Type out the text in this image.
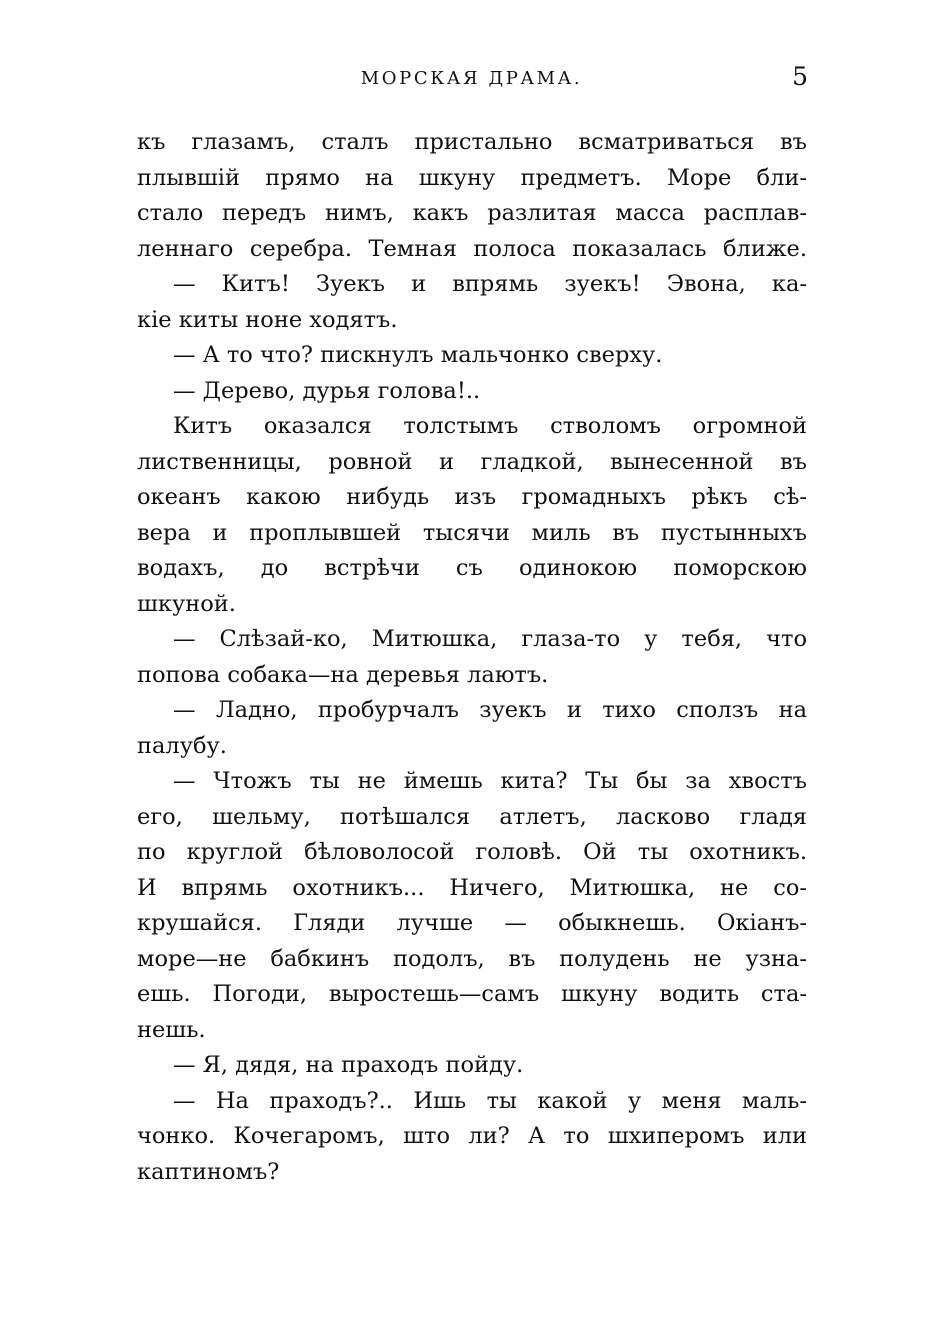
МОРСКАЯ ДРАМА.	5
къ глазамъ, сталъ пристально всматриваться въ
плывшій прямо на шкуну предметъ. Море бли-
стало передъ нимъ, какъ разлитая масса расплав-
леннаго серебра. Темная полоса показалась ближе.
— Китъ! Зуекъ и впрямь зуекъ! Эвона, ка-
кіе киты ноне ходятъ.
— А то что? пискнулъ мальчонко сверху.
— Дерево, дурья голова!..
Китъ оказался толстымъ стволомъ огромной
лиственницы, ровной и гладкой, вынесенной въ
океанъ какою нибудь изъ громадныхъ рѣкъ сѣ-
вера и проплывшей тысячи миль въ пустынныхъ
водахъ, до встрѣчи съ одинокою поморскою
шкуной.
— Слѣзай-ко, Митюшка, глаза-то у тебя, что
попова собака—на деревья лаютъ.
— Ладно, пробурчалъ зуекъ и тихо сползъ на
палубу.
— Чтожъ ты не ймешь кита? Ты бы за хвостъ
его, шельму, потѣшался атлетъ, ласково гладя
по круглой бѣловолосой головѣ. Ой ты охотникъ.
И впрямь охотникъ... Ничего, Митюшка, не со-
крушайся. Гляди лучше — обыкнешь. Окіанъ-
море—не бабкинъ подолъ, въ полудень не узна-
ешь. Погоди, выростешь—самъ шкуну водить ста-
нешь.
— Я, дядя, на праходъ пойду.
— На праходъ?.. Ишь ты какой у меня маль-
чонко. Кочегаромъ, што ли? А то шхиперомъ или
каптиномъ?
